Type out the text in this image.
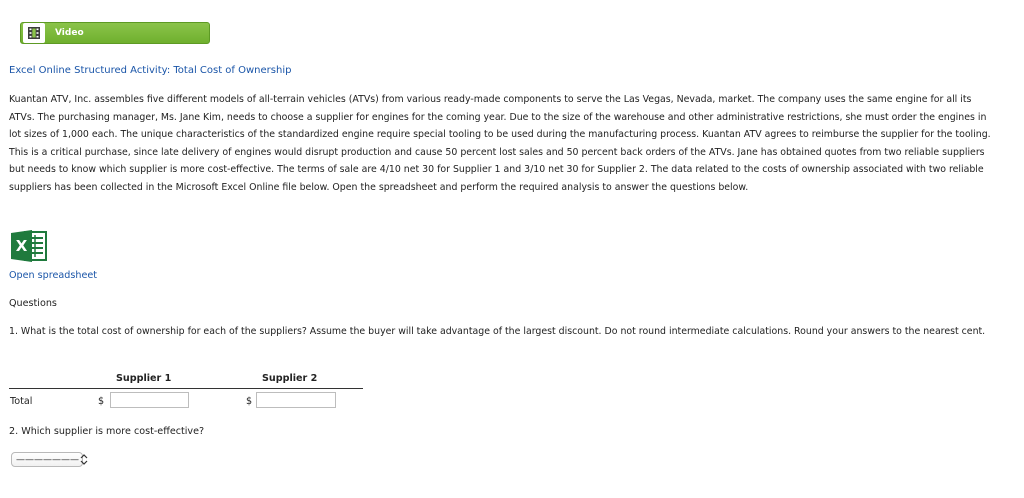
Video
Excel Online Structured Activity: Total Cost of Ownership

Kuantan ATV, Inc. assembles five different models of all-terrain vehicles (ATVs) from various ready-made components to serve the Las Vegas, Nevada, market. The company uses the same engine for all its ATVs. The purchasing manager, Ms. Jane Kim, needs to choose a supplier for engines for the coming year. Due to the size of the warehouse and other administrative restrictions, she must order the engines in lot sizes of 1,000 each. The unique characteristics of the standardized engine require special tooling to be used during the manufacturing process. Kuantan ATV agrees to reimburse the supplier for the tooling. This is a critical purchase, since late delivery of engines would disrupt production and cause 50 percent lost sales and 50 percent back orders of the ATVs. Jane has obtained quotes from two reliable suppliers but needs to know which supplier is more cost-effective. The terms of sale are 4/10 net 30 for Supplier 1 and 3/10 net 30 for Supplier 2. The data related to the costs of ownership associated with two reliable suppliers has been collected in the Microsoft Excel Online file below. Open the spreadsheet and perform the required analysis to answer the questions below.

X
Open spreadsheet
Questions

1. What is the total cost of ownership for each of the suppliers? Assume the buyer will take advantage of the largest discount. Do not round intermediate calculations. Round your answers to the nearest cent.

Supplier 1	Supplier 2
Total	$	$
2. Which supplier is more cost-effective?
———————
